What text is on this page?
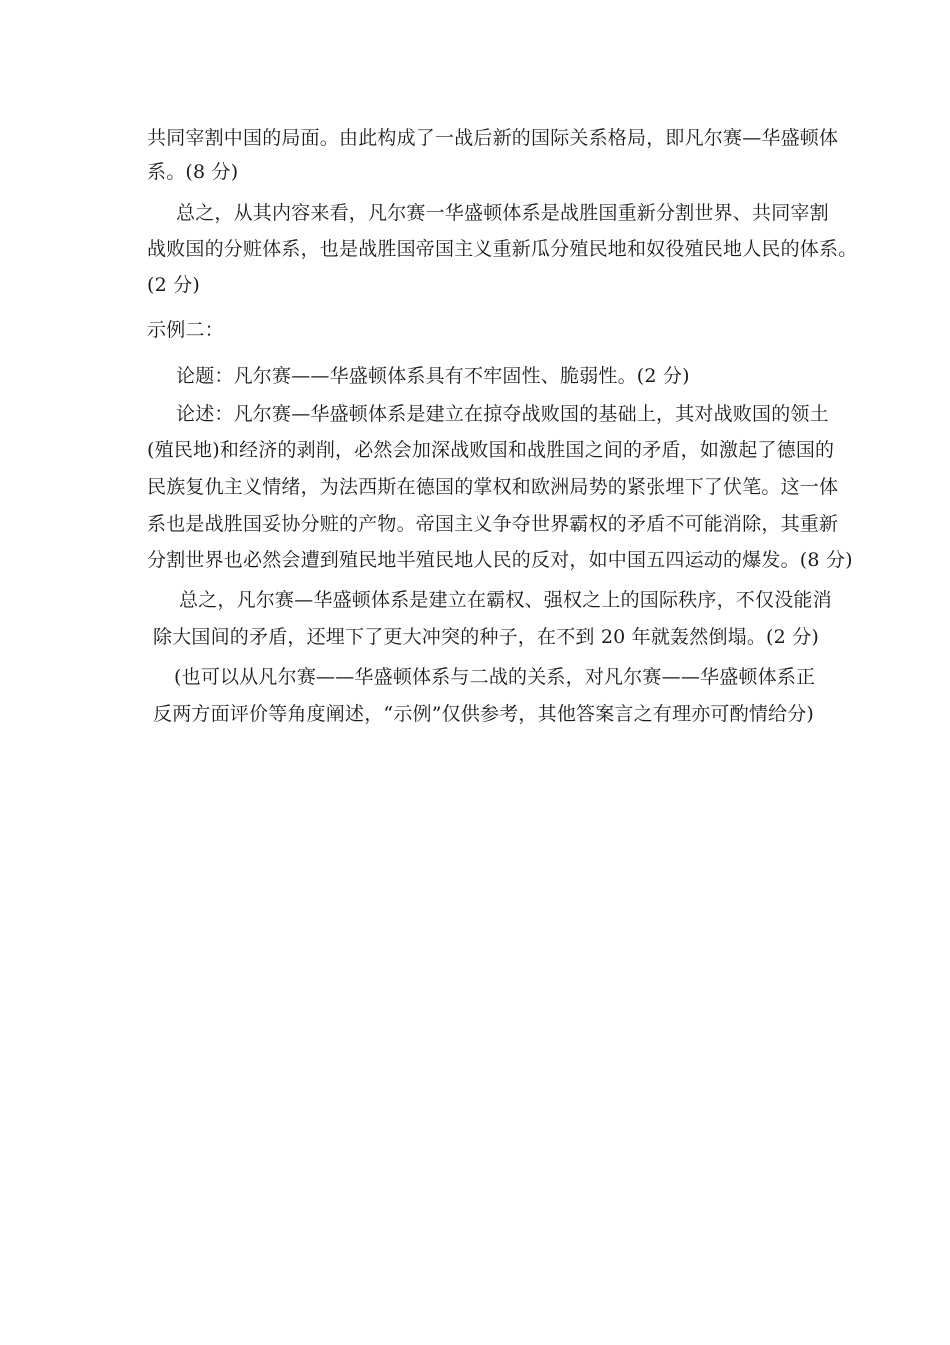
共同宰割中国的局面。由此构成了一战后新的国际关系格局，即凡尔赛—华盛顿体
系。(8 分)
总之，从其内容来看，凡尔赛一华盛顿体系是战胜国重新分割世界、共同宰割
战败国的分赃体系，也是战胜国帝国主义重新瓜分殖民地和奴役殖民地人民的体系。
(2 分)
示例二：
论题：凡尔赛——华盛顿体系具有不牢固性、脆弱性。(2 分)
论述：凡尔赛—华盛顿体系是建立在掠夺战败国的基础上，其对战败国的领土
(殖民地)和经济的剥削，必然会加深战败国和战胜国之间的矛盾，如激起了德国的
民族复仇主义情绪，为法西斯在德国的掌权和欧洲局势的紧张埋下了伏笔。这一体
系也是战胜国妥协分赃的产物。帝国主义争夺世界霸权的矛盾不可能消除，其重新
分割世界也必然会遭到殖民地半殖民地人民的反对，如中国五四运动的爆发。(8 分)
总之，凡尔赛—华盛顿体系是建立在霸权、强权之上的国际秩序，不仅没能消
除大国间的矛盾，还埋下了更大冲突的种子，在不到 20 年就轰然倒塌。(2 分)
(也可以从凡尔赛——华盛顿体系与二战的关系，对凡尔赛——华盛顿体系正
反两方面评价等角度阐述，“示例”仅供参考，其他答案言之有理亦可酌情给分)
